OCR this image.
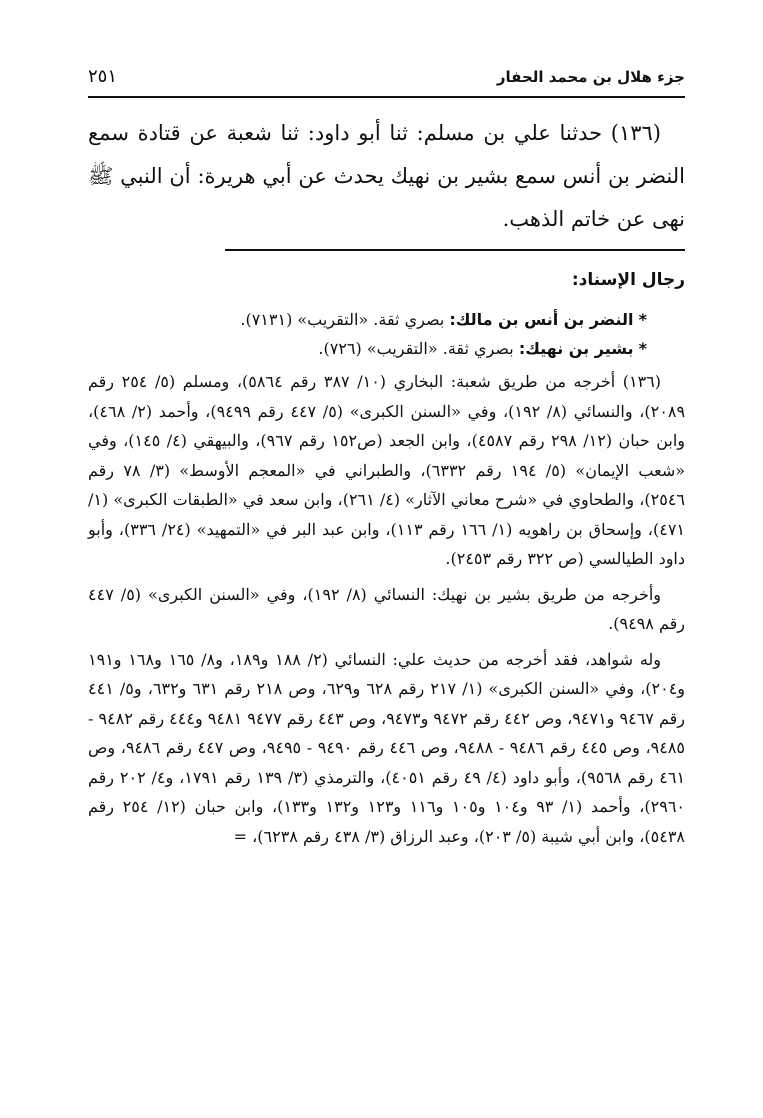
جزء هلال بن محمد الحفار
٢٥١

(١٣٦) حدثنا علي بن مسلم: ثنا أبو داود: ثنا شعبة عن قتادة سمع النضر بن أنس سمع بشير بن نهيك يحدث عن أبي هريرة: أن النبي ﷺ نهى عن خاتم الذهب.

رجال الإسناد:

* النضر بن أنس بن مالك: بصري ثقة. «التقريب» (٧١٣١).

* بشير بن نهيك: بصري ثقة. «التقريب» (٧٢٦).

(١٣٦) أخرجه من طريق شعبة: البخاري (١٠/ ٣٨٧ رقم ٥٨٦٤)، ومسلم (٥/ ٢٥٤ رقم ٢٠٨٩)، والنسائي (٨/ ١٩٢)، وفي «السنن الكبرى» (٥/ ٤٤٧ رقم ٩٤٩٩)، وأحمد (٢/ ٤٦٨)، وابن حبان (١٢/ ٢٩٨ رقم ٤٥٨٧)، وابن الجعد (ص١٥٢ رقم ٩٦٧)، والبيهقي (٤/ ١٤٥)، وفي «شعب الإيمان» (٥/ ١٩٤ رقم ٦٣٣٢)، والطبراني في «المعجم الأوسط» (٣/ ٧٨ رقم ٢٥٤٦)، والطحاوي في «شرح معاني الآثار» (٤/ ٢٦١)، وابن سعد في «الطبقات الكبرى» (١/ ٤٧١)، وإسحاق بن راهويه (١/ ١٦٦ رقم ١١٣)، وابن عبد البر في «التمهيد» (٢٤/ ٣٣٦)، وأبو داود الطيالسي (ص ٣٢٢ رقم ٢٤٥٣).

وأخرجه من طريق بشير بن نهيك: النسائي (٨/ ١٩٢)، وفي «السنن الكبرى» (٥/ ٤٤٧ رقم ٩٤٩٨).

وله شواهد، فقد أخرجه من حديث علي: النسائي (٢/ ١٨٨ و١٨٩، و٨/ ١٦٥ و١٦٨ و١٩١ و٢٠٤)، وفي «السنن الكبرى» (١/ ٢١٧ رقم ٦٢٨ و٦٢٩، وص ٢١٨ رقم ٦٣١ و٦٣٢، و٥/ ٤٤١ رقم ٩٤٦٧ و٩٤٧١، وص ٤٤٢ رقم ٩٤٧٢ و٩٤٧٣، وص ٤٤٣ رقم ٩٤٧٧ ٩٤٨١ و٤٤٤ رقم ٩٤٨٢ - ٩٤٨٥، وص ٤٤٥ رقم ٩٤٨٦ - ٩٤٨٨، وص ٤٤٦ رقم ٩٤٩٠ - ٩٤٩٥، وص ٤٤٧ رقم ٩٤٨٦، وص ٤٦١ رقم ٩٥٦٨)، وأبو داود (٤/ ٤٩ رقم ٤٠٥١)، والترمذي (٣/ ١٣٩ رقم ١٧٩١، و٤/ ٢٠٢ رقم ٢٩٦٠)، وأحمد (١/ ٩٣ و١٠٤ و١٠٥ و١١٦ و١٢٣ و١٣٢ و١٣٣)، وابن حبان (١٢/ ٢٥٤ رقم ٥٤٣٨)، وابن أبي شيبة (٥/ ٢٠٣)، وعبد الرزاق (٣/ ٤٣٨ رقم ٦٢٣٨)، =
